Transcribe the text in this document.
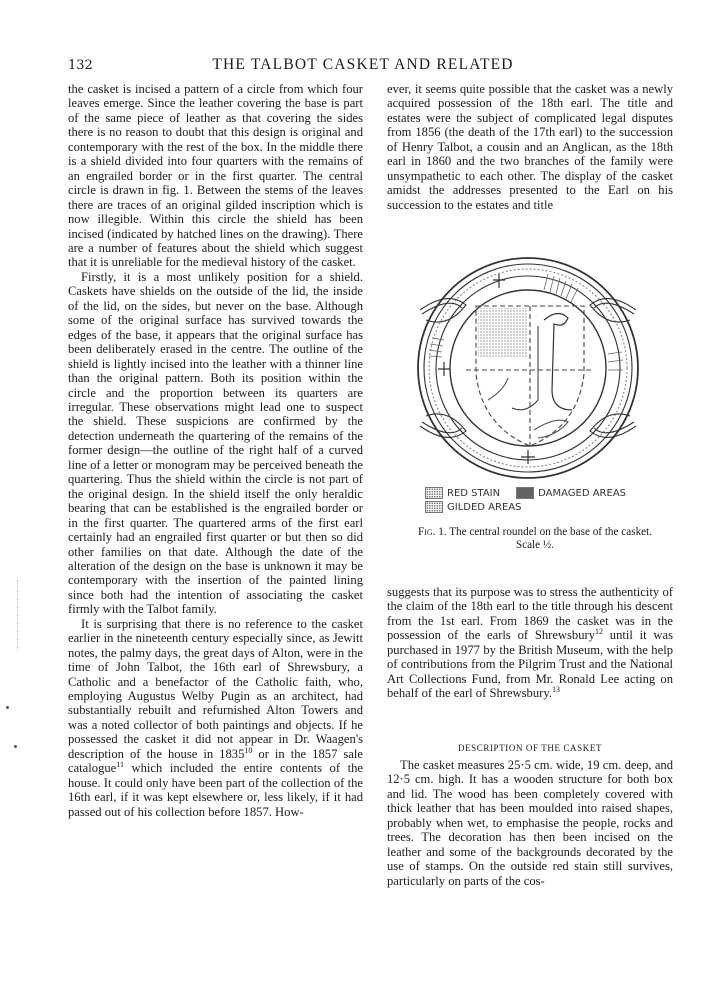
132	THE TALBOT CASKET AND RELATED

the casket is incised a pattern of a circle from which four leaves emerge. Since the leather covering the base is part of the same piece of leather as that covering the sides there is no reason to doubt that this design is original and contemporary with the rest of the box. In the middle there is a shield divided into four quarters with the remains of an engrailed border or in the first quarter. The central circle is drawn in fig. 1. Between the stems of the leaves there are traces of an original gilded inscription which is now illegible. Within this circle the shield has been incised (indicated by hatched lines on the drawing). There are a number of features about the shield which suggest that it is unreliable for the medieval history of the casket.

Firstly, it is a most unlikely position for a shield. Caskets have shields on the outside of the lid, the inside of the lid, on the sides, but never on the base. Although some of the original surface has survived towards the edges of the base, it appears that the original surface has been deliberately erased in the centre. The outline of the shield is lightly incised into the leather with a thinner line than the original pattern. Both its position within the circle and the proportion between its quarters are irregular. These observations might lead one to suspect the shield. These suspicions are confirmed by the detection underneath the quartering of the remains of the former design—the outline of the right half of a curved line of a letter or monogram may be perceived beneath the quartering. Thus the shield within the circle is not part of the original design. In the shield itself the only heraldic bearing that can be established is the engrailed border or in the first quarter. The quartered arms of the first earl certainly had an engrailed first quarter or but then so did other families on that date. Although the date of the alteration of the design on the base is unknown it may be contemporary with the insertion of the painted lining since both had the intention of associating the casket firmly with the Talbot family.

It is surprising that there is no reference to the casket earlier in the nineteenth century especially since, as Jewitt notes, the palmy days, the great days of Alton, were in the time of John Talbot, the 16th earl of Shrewsbury, a Catholic and a benefactor of the Catholic faith, who, employing Augustus Welby Pugin as an architect, had substantially rebuilt and refurnished Alton Towers and was a noted collector of both paintings and objects. If he possessed the casket it did not appear in Dr. Waagen's description of the house in 1835$^{10}$ or in the 1857 sale catalogue$^{11}$ which included the entire contents of the house. It could only have been part of the collection of the 16th earl, if it was kept elsewhere or, less likely, if it had passed out of his collection before 1857. How-

ever, it seems quite possible that the casket was a newly acquired possession of the 18th earl. The title and estates were the subject of complicated legal disputes from 1856 (the death of the 17th earl) to the succession of Henry Talbot, a cousin and an Anglican, as the 18th earl in 1860 and the two branches of the family were unsympathetic to each other. The display of the casket amidst the addresses presented to the Earl on his succession to the estates and title

RED STAIN	DAMAGED AREAS
GILDED AREAS
Fig. 1. The central roundel on the base of the casket.
Scale ½.

suggests that its purpose was to stress the authenticity of the claim of the 18th earl to the title through his descent from the 1st earl. From 1869 the casket was in the possession of the earls of Shrewsbury$^{12}$ until it was purchased in 1977 by the British Museum, with the help of contributions from the Pilgrim Trust and the National Art Collections Fund, from Mr. Ronald Lee acting on behalf of the earl of Shrewsbury.$^{13}$

DESCRIPTION OF THE CASKET

The casket measures 25·5 cm. wide, 19 cm. deep, and 12·5 cm. high. It has a wooden structure for both box and lid. The wood has been completely covered with thick leather that has been moulded into raised shapes, probably when wet, to emphasise the people, rocks and trees. The decoration has then been incised on the leather and some of the backgrounds decorated by the use of stamps. On the outside red stain still survives, particularly on parts of the cos-
